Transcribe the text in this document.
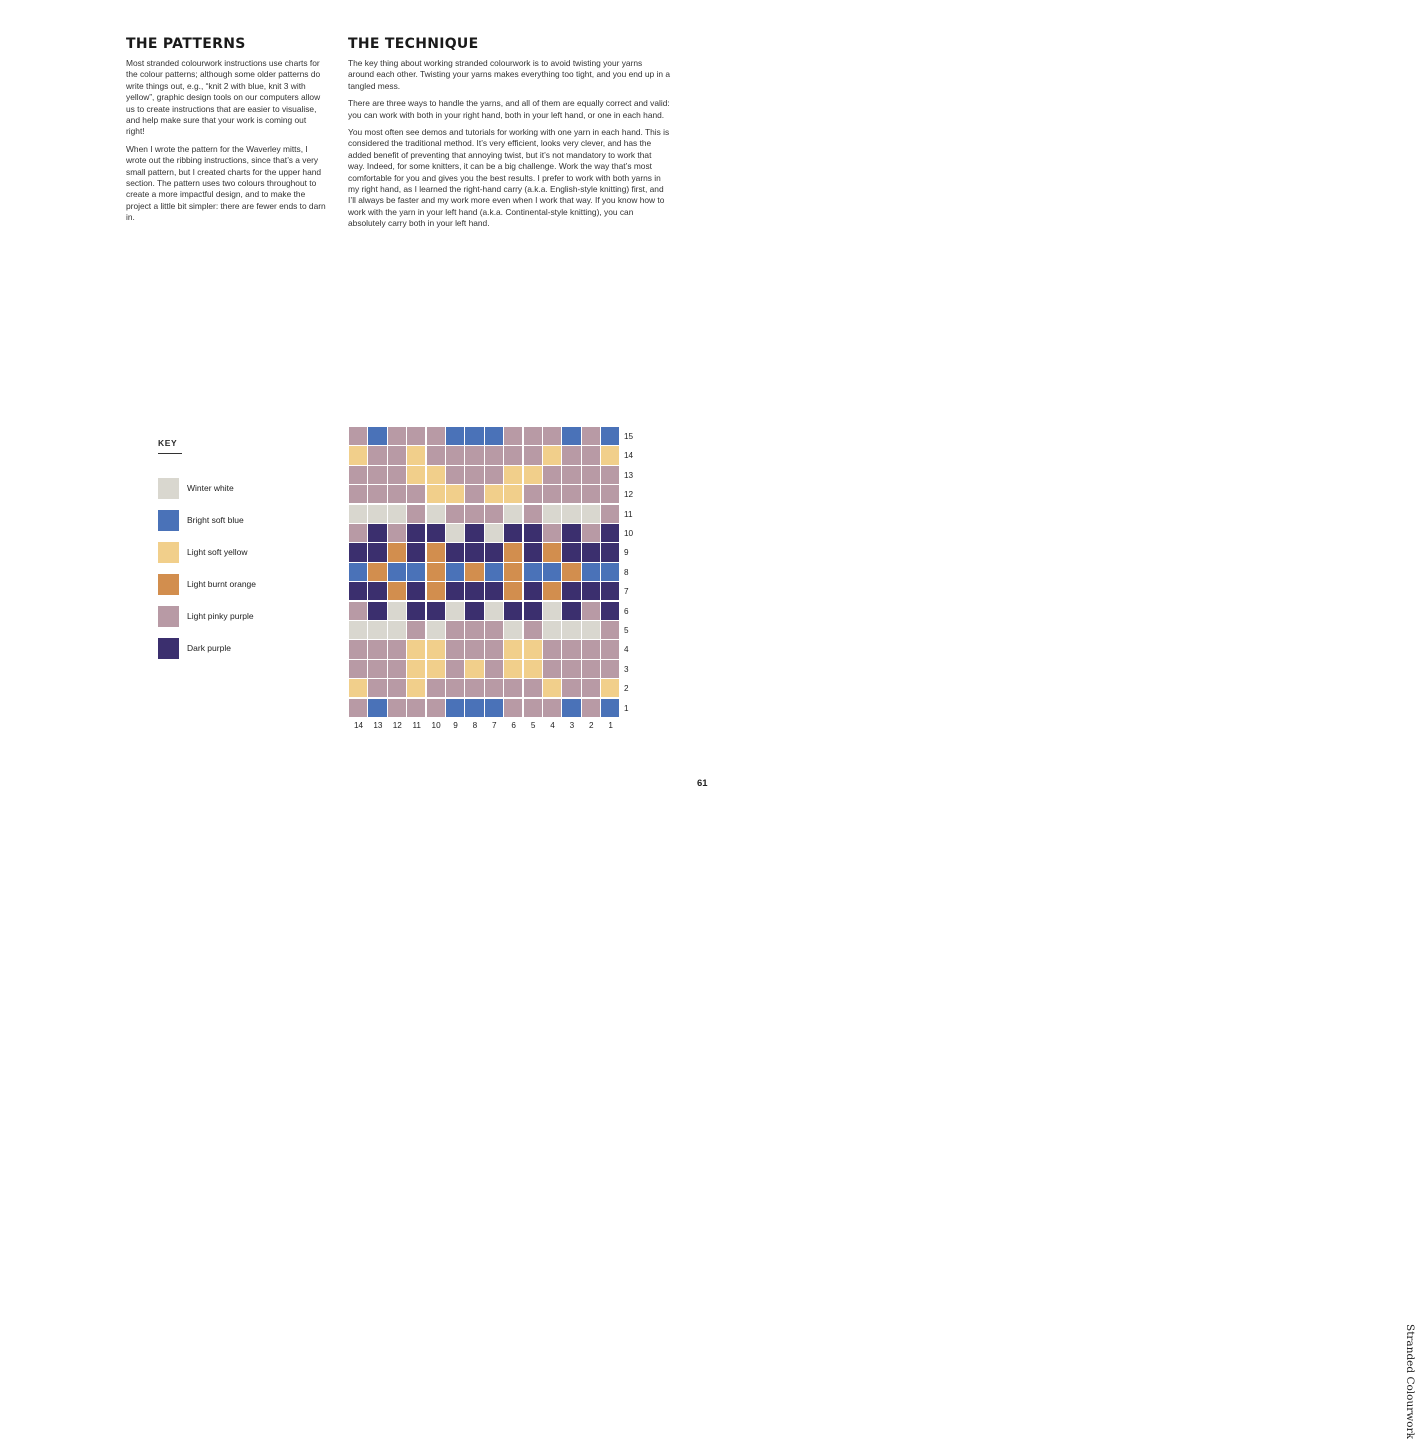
THE PATTERNS

Most stranded colourwork instructions use charts for the colour patterns; although some older patterns do write things out, e.g., “knit 2 with blue, knit 3 with yellow”, graphic design tools on our computers allow us to create instructions that are easier to visualise, and help make sure that your work is coming out right!

When I wrote the pattern for the Waverley mitts, I wrote out the ribbing instructions, since that’s a very small pattern, but I created charts for the upper hand section. The pattern uses two colours throughout to create a more impactful design, and to make the project a little bit simpler: there are fewer ends to darn in.

THE TECHNIQUE

The key thing about working stranded colourwork is to avoid twisting your yarns around each other. Twisting your yarns makes everything too tight, and you end up in a tangled mess.

There are three ways to handle the yarns, and all of them are equally correct and valid: you can work with both in your right hand, both in your left hand, or one in each hand.

You most often see demos and tutorials for working with one yarn in each hand. This is considered the traditional method. It’s very efficient, looks very clever, and has the added benefit of preventing that annoying twist, but it’s not mandatory to work that way. Indeed, for some knitters, it can be a big challenge. Work the way that’s most comfortable for you and gives you the best results. I prefer to work with both yarns in my right hand, as I learned the right-hand carry (a.k.a. English-style knitting) first, and I’ll always be faster and my work more even when I work that way. If you know how to work with the yarn in your left hand (a.k.a. Continental-style knitting), you can absolutely carry both in your left hand.

KEY
Winter white
Bright soft blue
Light soft yellow
Light burnt orange
Light pinky purple
Dark purple
15
14
13
12
11
10
9
8
7
6
5
4
3
2
1
14	13	12	11	10	9	8	7	6	5	4	3	2	1
Stranded Colourwork
61
